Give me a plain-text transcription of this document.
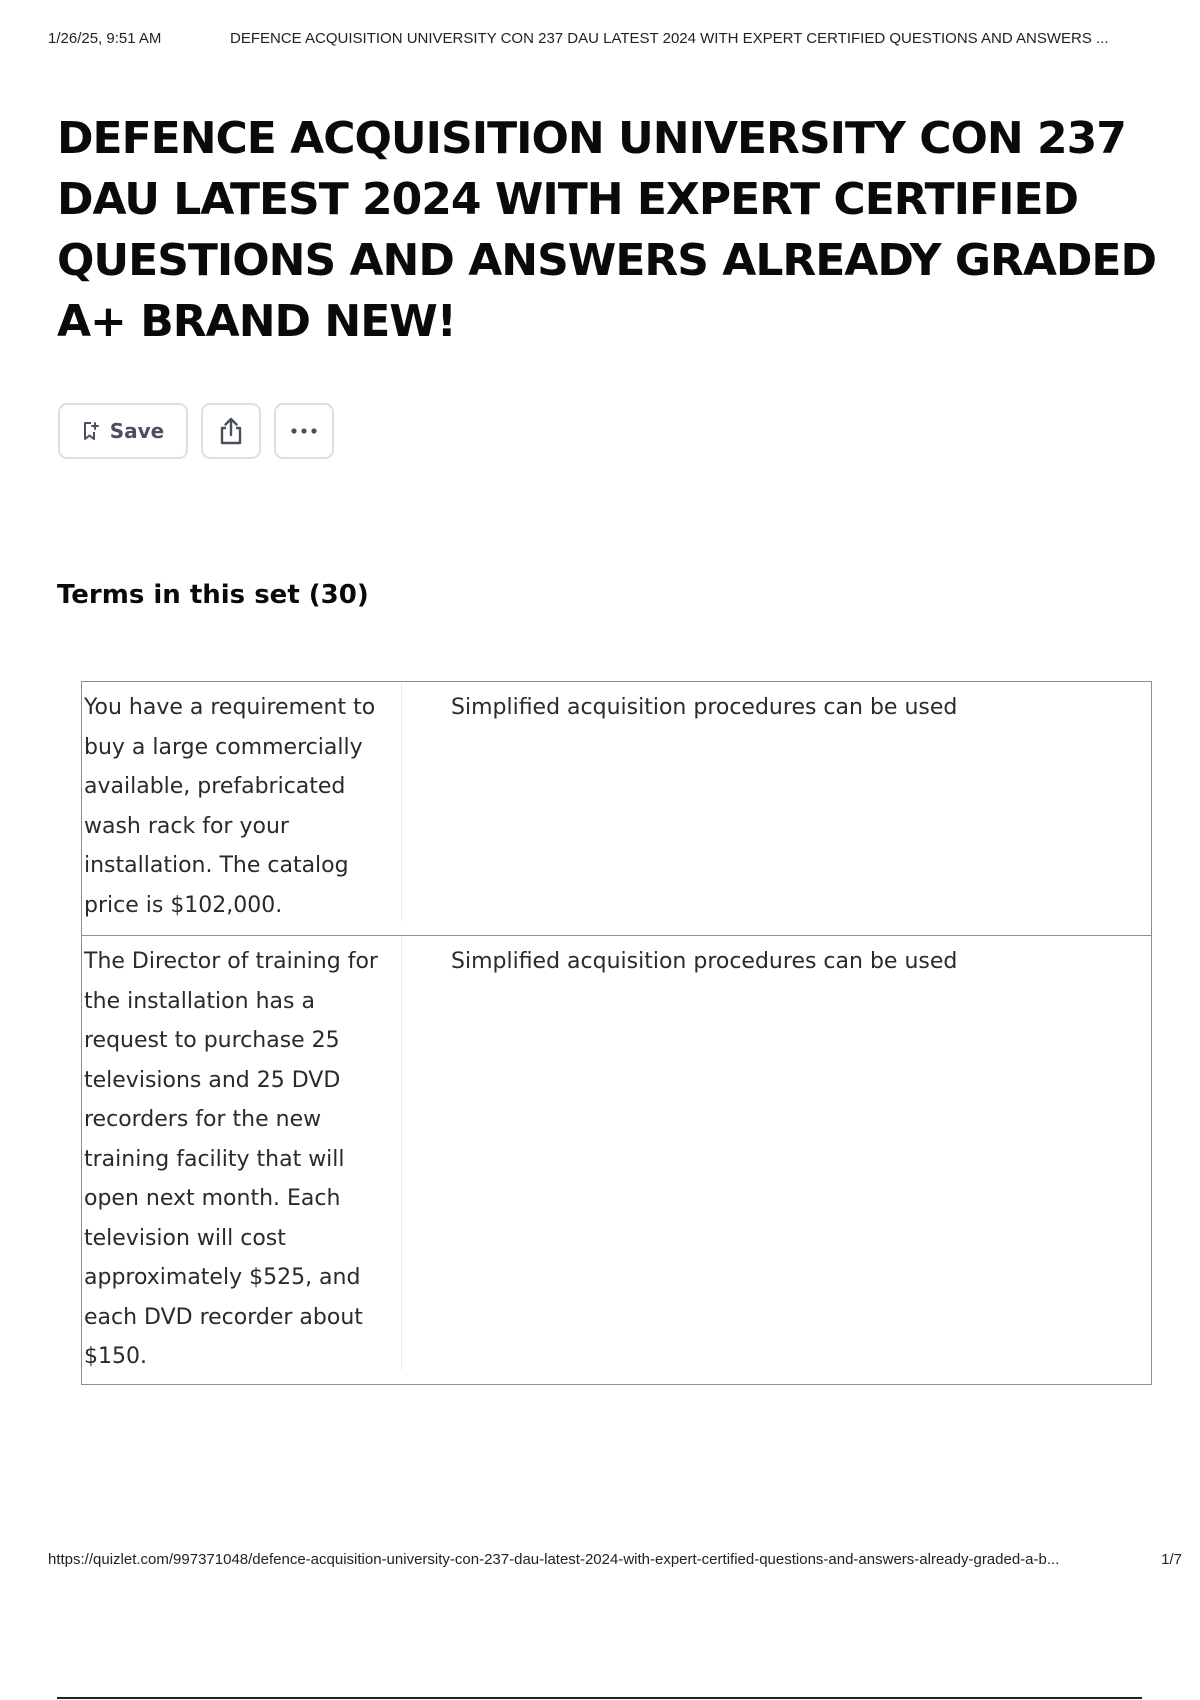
1/26/25, 9:51 AM	DEFENCE ACQUISITION UNIVERSITY CON 237 DAU LATEST 2024 WITH EXPERT CERTIFIED QUESTIONS AND ANSWERS ...
DEFENCE ACQUISITION UNIVERSITY CON 237 DAU LATEST 2024 WITH EXPERT CERTIFIED QUESTIONS AND ANSWERS ALREADY GRADED A+ BRAND NEW!
Save
Terms in this set (30)
You have a requirement to buy a large commercially available, prefabricated wash rack for your installation. The catalog price is $102,000.
Simplified acquisition procedures can be used
The Director of training for the installation has a request to purchase 25 televisions and 25 DVD recorders for the new training facility that will open next month. Each television will cost approximately $525, and each DVD recorder about $150.
Simplified acquisition procedures can be used
https://quizlet.com/997371048/defence-acquisition-university-con-237-dau-latest-2024-with-expert-certified-questions-and-answers-already-graded-a-b...	1/7
